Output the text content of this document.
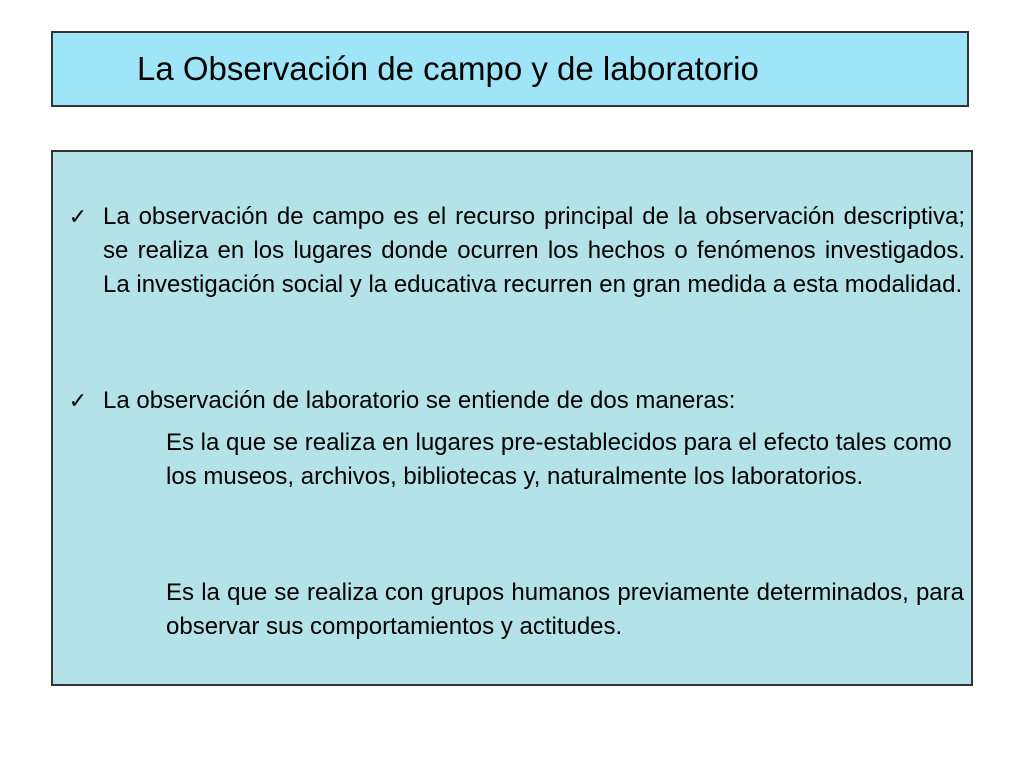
La Observación de campo y de laboratorio
✓ La observación de campo es el recurso principal de la observación descriptiva; se realiza en los lugares donde ocurren los hechos o fenómenos investigados. La investigación social y la educativa recurren en gran medida a esta modalidad.
✓ La observación de laboratorio se entiende de dos maneras:
Es la que se realiza en lugares pre-establecidos para el efecto tales como los museos, archivos, bibliotecas y, naturalmente los laboratorios.
Es la que se realiza con grupos humanos previamente determinados, para observar sus comportamientos y actitudes.
